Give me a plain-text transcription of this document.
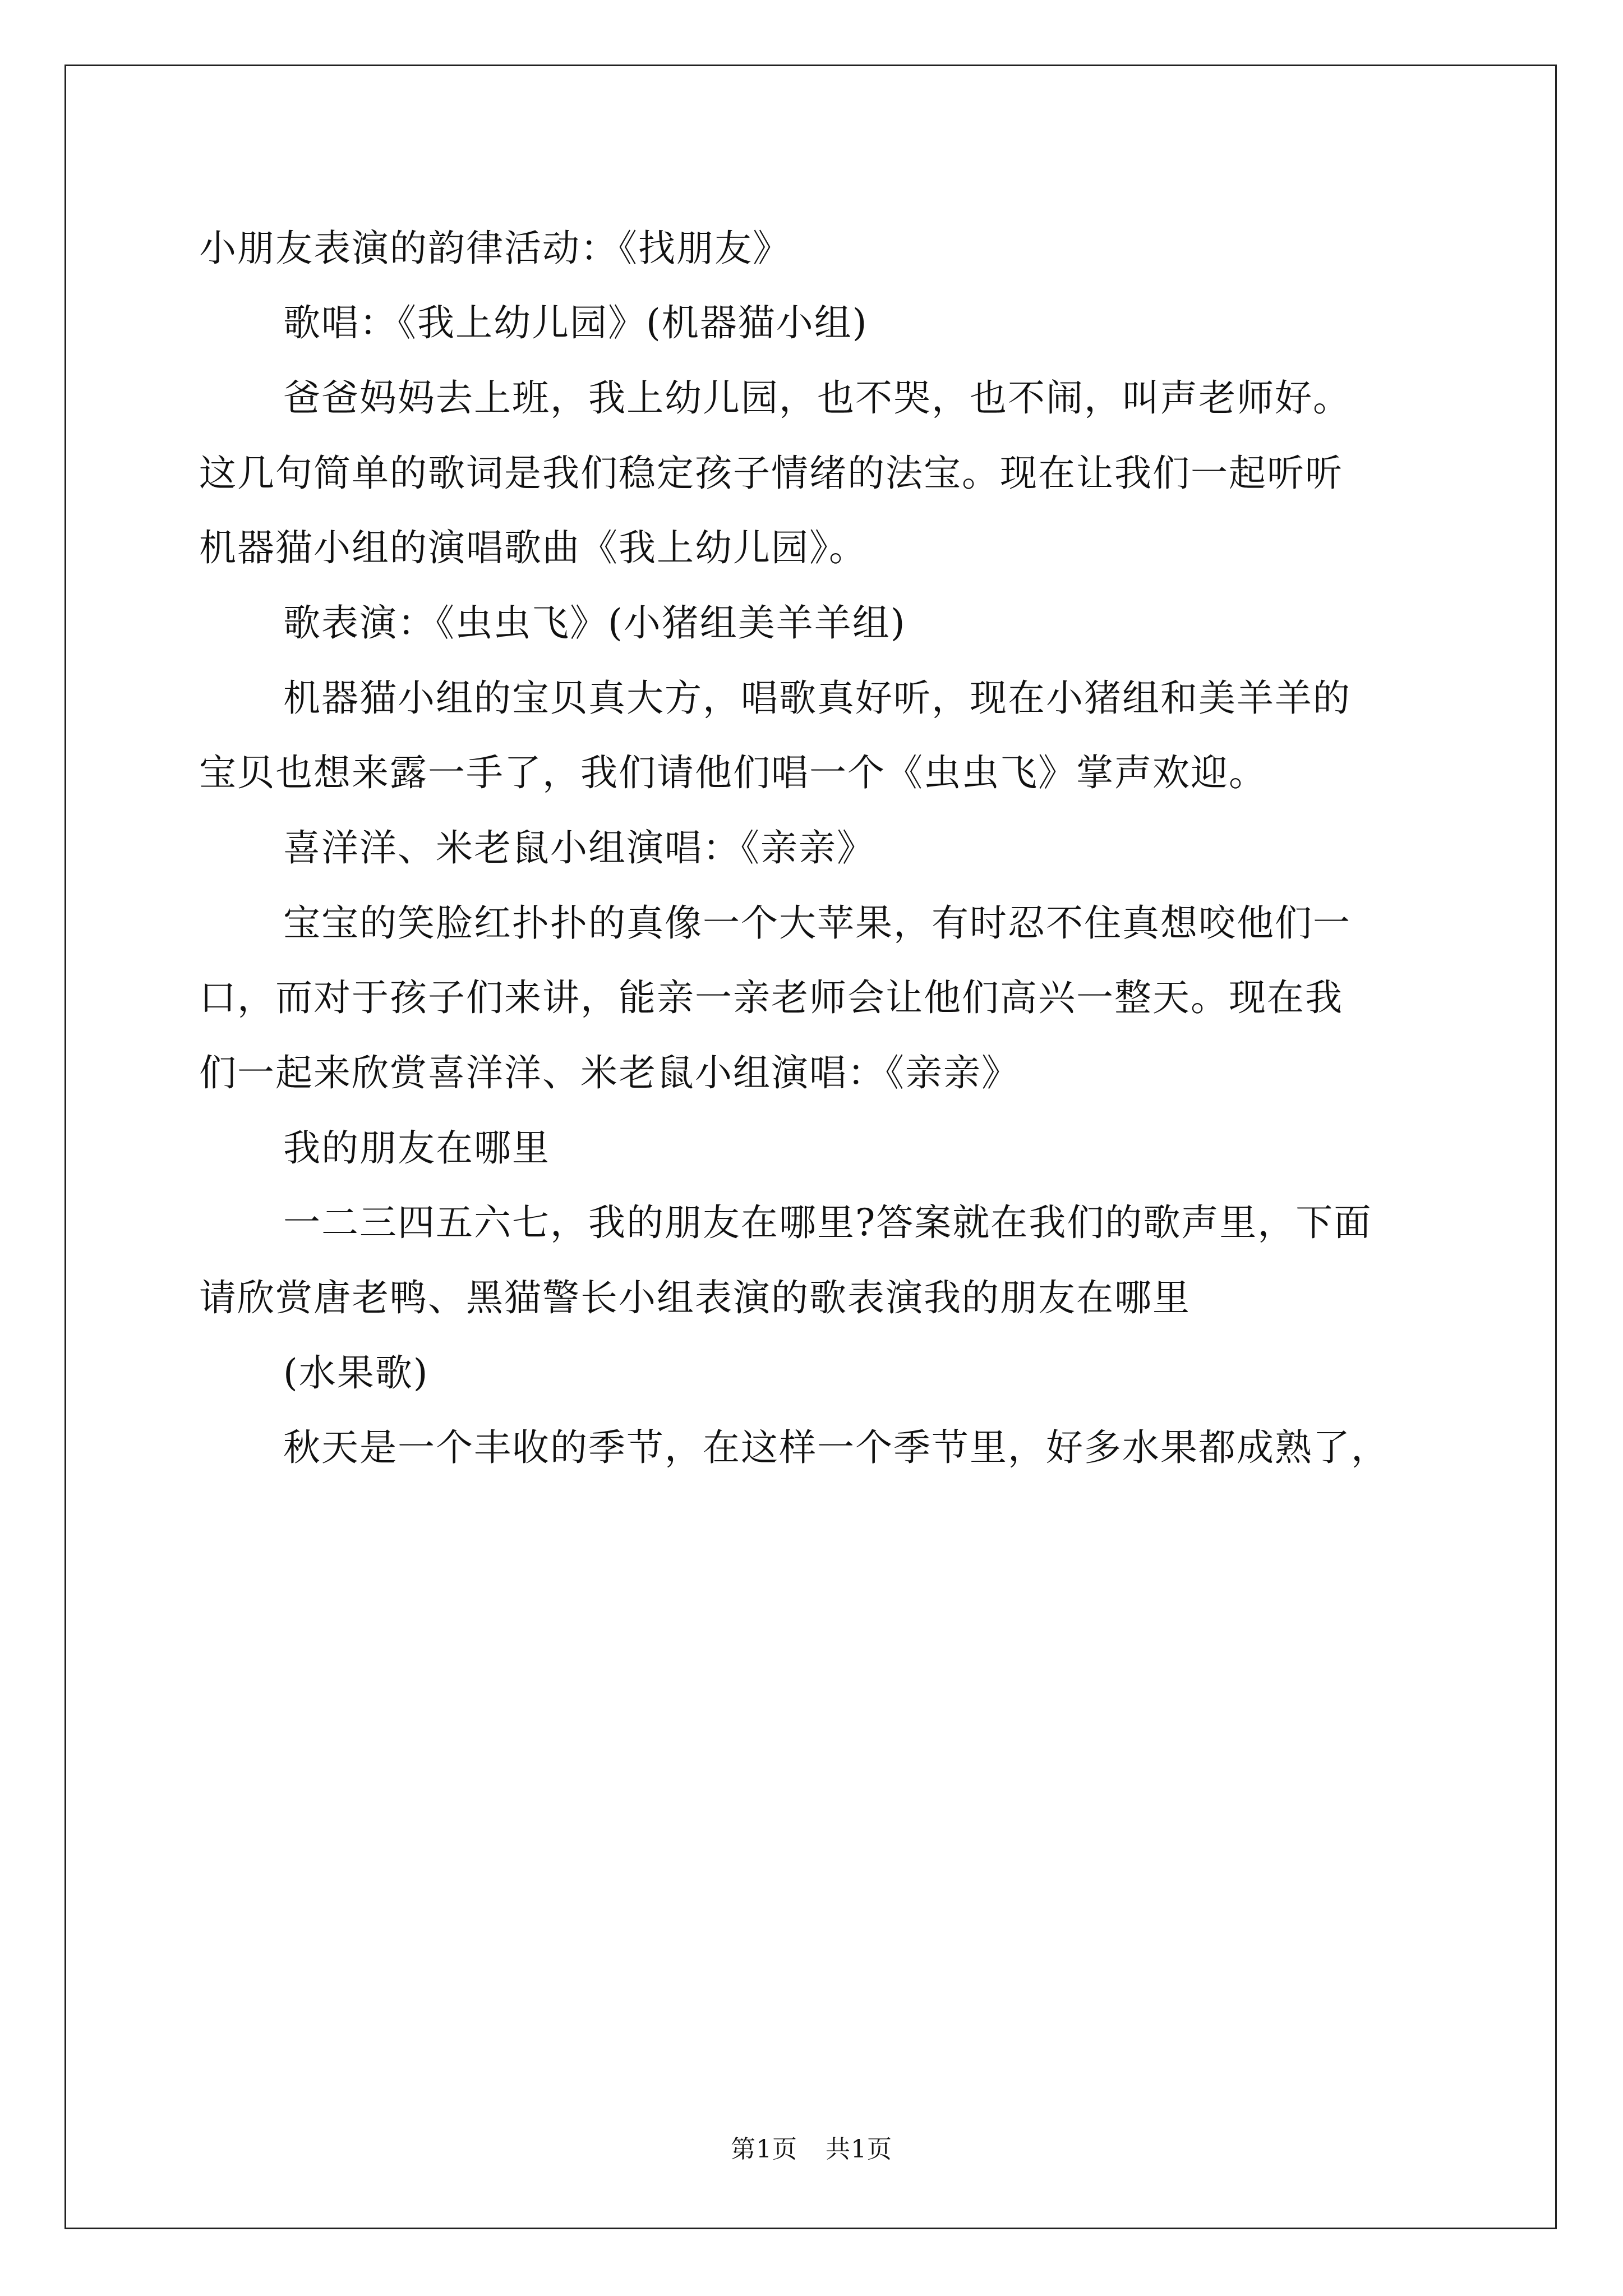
小朋友表演的韵律活动：《找朋友》
歌唱：《我上幼儿园》(机器猫小组)
爸爸妈妈去上班，我上幼儿园，也不哭，也不闹，叫声老师好。
这几句简单的歌词是我们稳定孩子情绪的法宝。现在让我们一起听听
机器猫小组的演唱歌曲《我上幼儿园》。
歌表演：《虫虫飞》(小猪组美羊羊组)
机器猫小组的宝贝真大方，唱歌真好听，现在小猪组和美羊羊的
宝贝也想来露一手了，我们请他们唱一个《虫虫飞》掌声欢迎。
喜洋洋、米老鼠小组演唱：《亲亲》
宝宝的笑脸红扑扑的真像一个大苹果，有时忍不住真想咬他们一
口，而对于孩子们来讲，能亲一亲老师会让他们高兴一整天。现在我
们一起来欣赏喜洋洋、米老鼠小组演唱：《亲亲》
我的朋友在哪里
一二三四五六七，我的朋友在哪里?答案就在我们的歌声里，下面
请欣赏唐老鸭、黑猫警长小组表演的歌表演我的朋友在哪里
(水果歌)
秋天是一个丰收的季节，在这样一个季节里，好多水果都成熟了，
第1页 共1页
